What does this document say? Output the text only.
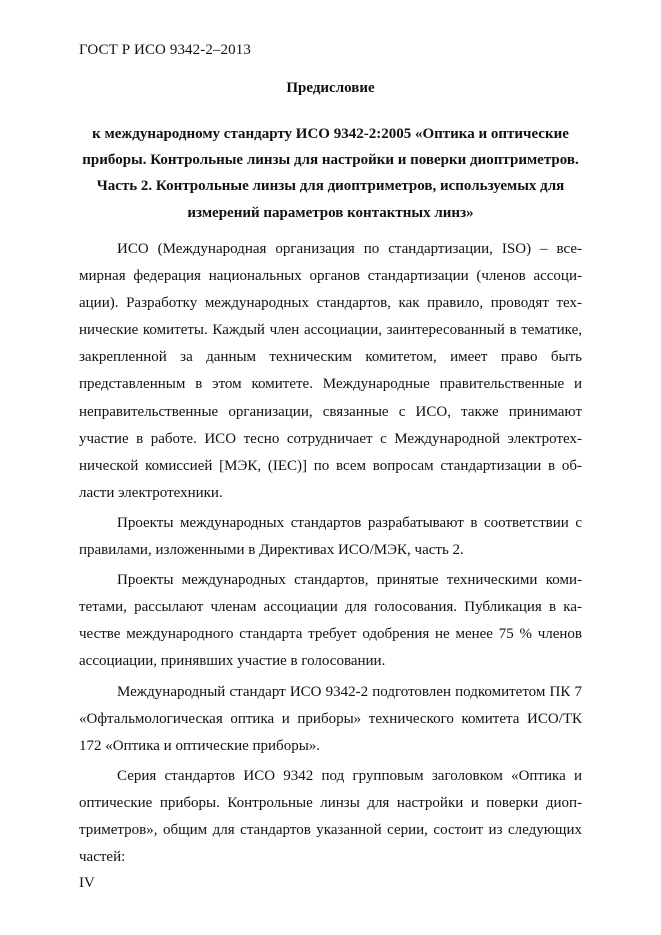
ГОСТ Р ИСО 9342-2–2013
Предисловие
к международному стандарту ИСО 9342-2:2005 «Оптика и оптические приборы. Контрольные линзы для настройки и поверки диоптриметров. Часть 2. Контрольные линзы для диоптриметров, используемых для измерений параметров контактных линз»

ИСО (Международная организация по стандартизации, ISO) – всемирная федерация национальных органов стандартизации (членов ассоциации). Разработку международных стандартов, как правило, проводят технические комитеты. Каждый член ассоциации, заинтересованный в тематике, закрепленной за данным техническим комитетом, имеет право быть представленным в этом комитете. Международные правительственные и неправительственные организации, связанные с ИСО, также принимают участие в работе. ИСО тесно сотрудничает с Международной электротехнической комиссией [МЭК, (IEC)] по всем вопросам стандартизации в области электротехники.

Проекты международных стандартов разрабатывают в соответствии с правилами, изложенными в Директивах ИСО/МЭК, часть 2.

Проекты международных стандартов, принятые техническими комитетами, рассылают членам ассоциации для голосования. Публикация в качестве международного стандарта требует одобрения не менее 75 % членов ассоциации, принявших участие в голосовании.

Международный стандарт ИСО 9342-2 подготовлен подкомитетом ПК 7 «Офтальмологическая оптика и приборы» технического комитета ИСО/ТК 172 «Оптика и оптические приборы».

Серия стандартов ИСО 9342 под групповым заголовком «Оптика и оптические приборы. Контрольные линзы для настройки и поверки диоптриметров», общим для стандартов указанной серии, состоит из следующих частей:

IV
